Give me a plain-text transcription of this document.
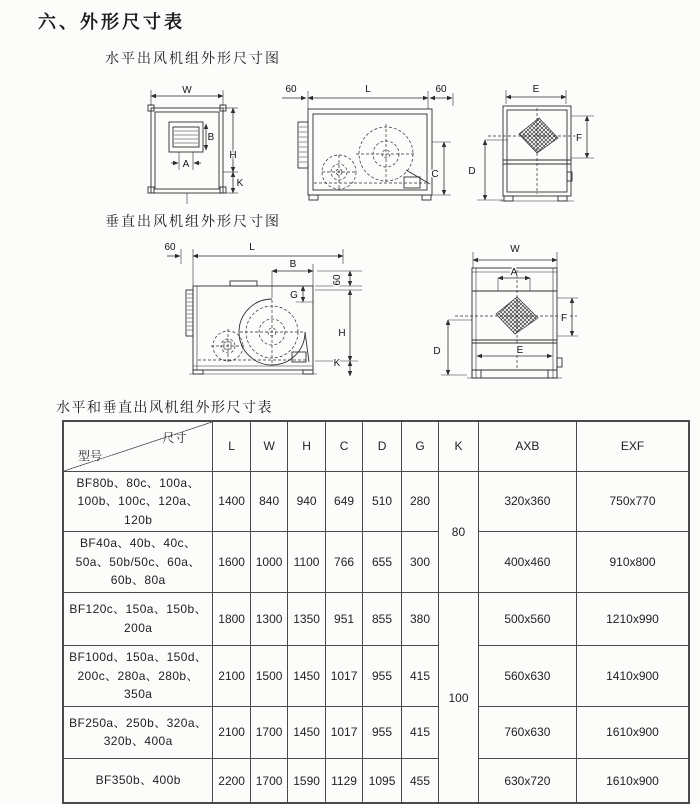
六、外形尺寸表
水平出风机组外形尺寸图
W
B
A
H
K
60	L	60
C	D
E
F
垂直出风机组外形尺寸图
60	L
B
60
G
H
K
W
A
F
D	E
水平和垂直出风机组外形尺寸表
尺寸
型号	L	W	H	C	D	G	K	AXB	EXF
BF80b、80c、100a、100b、100c、120a、120b	1400	840	940	649	510	280	80	320x360	750x770
BF40a、40b、40c、50a、50b/50c、60a、60b、80a	1600	1000	1100	766	655	300		400x460	910x800
BF120c、150a、150b、200a	1800	1300	1350	951	855	380	100	500x560	1210x990
BF100d、150a、150d、200c、280a、280b、350a	2100	1500	1450	1017	955	415		560x630	1410x900
BF250a、250b、320a、320b、400a	2100	1700	1450	1017	955	415		760x630	1610x900
BF350b、400b	2200	1700	1590	1129	1095	455		630x720	1610x900
